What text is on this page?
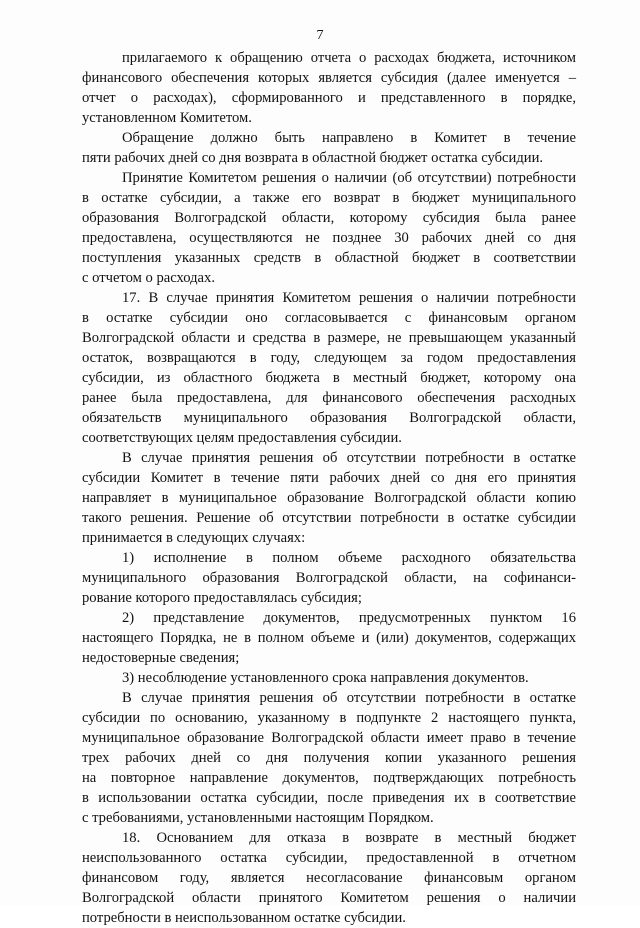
7
прилагаемого к обращению отчета о расходах бюджета, источником
финансового обеспечения которых является субсидия (далее именуется –
отчет о расходах), сформированного и представленного в порядке,
установленном Комитетом.
Обращение должно быть направлено в Комитет в течение
пяти рабочих дней со дня возврата в областной бюджет остатка субсидии.
Принятие Комитетом решения о наличии (об отсутствии) потребности
в остатке субсидии, а также его возврат в бюджет муниципального
образования Волгоградской области, которому субсидия была ранее
предоставлена, осуществляются не позднее 30 рабочих дней со дня
поступления указанных средств в областной бюджет в соответствии
с отчетом о расходах.
17. В случае принятия Комитетом решения о наличии потребности
в остатке субсидии оно согласовывается с финансовым органом
Волгоградской области и средства в размере, не превышающем указанный
остаток, возвращаются в году, следующем за годом предоставления
субсидии, из областного бюджета в местный бюджет, которому она
ранее была предоставлена, для финансового обеспечения расходных
обязательств муниципального образования Волгоградской области,
соответствующих целям предоставления субсидии.
В случае принятия решения об отсутствии потребности в остатке
субсидии Комитет в течение пяти рабочих дней со дня его принятия
направляет в муниципальное образование Волгоградской области копию
такого решения. Решение об отсутствии потребности в остатке субсидии
принимается в следующих случаях:
1) исполнение в полном объеме расходного обязательства
муниципального образования Волгоградской области, на софинанси-
рование которого предоставлялась субсидия;
2) представление документов, предусмотренных пунктом 16
настоящего Порядка, не в полном объеме и (или) документов, содержащих
недостоверные сведения;
3) несоблюдение установленного срока направления документов.
В случае принятия решения об отсутствии потребности в остатке
субсидии по основанию, указанному в подпункте 2 настоящего пункта,
муниципальное образование Волгоградской области имеет право в течение
трех рабочих дней со дня получения копии указанного решения
на повторное направление документов, подтверждающих потребность
в использовании остатка субсидии, после приведения их в соответствие
с требованиями, установленными настоящим Порядком.
18. Основанием для отказа в возврате в местный бюджет
неиспользованного остатка субсидии, предоставленной в отчетном
финансовом году, является несогласование финансовым органом
Волгоградской области принятого Комитетом решения о наличии
потребности в неиспользованном остатке субсидии.
